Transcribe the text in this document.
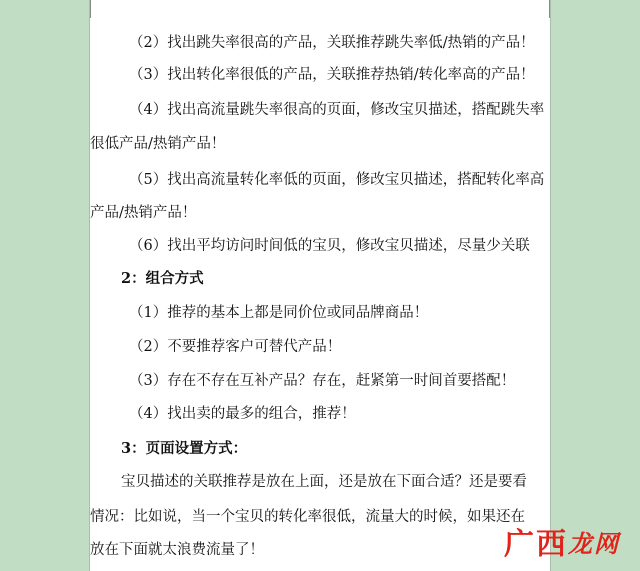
（2）找出跳失率很高的产品，关联推荐跳失率低/热销的产品！
（3）找出转化率很低的产品，关联推荐热销/转化率高的产品！
（4）找出高流量跳失率很高的页面，修改宝贝描述，搭配跳失率
很低产品/热销产品！
（5）找出高流量转化率低的页面，修改宝贝描述，搭配转化率高
产品/热销产品！
（6）找出平均访问时间低的宝贝，修改宝贝描述，尽量少关联
2：组合方式
（1）推荐的基本上都是同价位或同品牌商品！
（2）不要推荐客户可替代产品！
（3）存在不存在互补产品？存在，赶紧第一时间首要搭配！
（4）找出卖的最多的组合，推荐！
3：页面设置方式：
宝贝描述的关联推荐是放在上面，还是放在下面合适？还是要看
情况：比如说，当一个宝贝的转化率很低，流量大的时候，如果还在
放在下面就太浪费流量了！	广 西 龙 网
